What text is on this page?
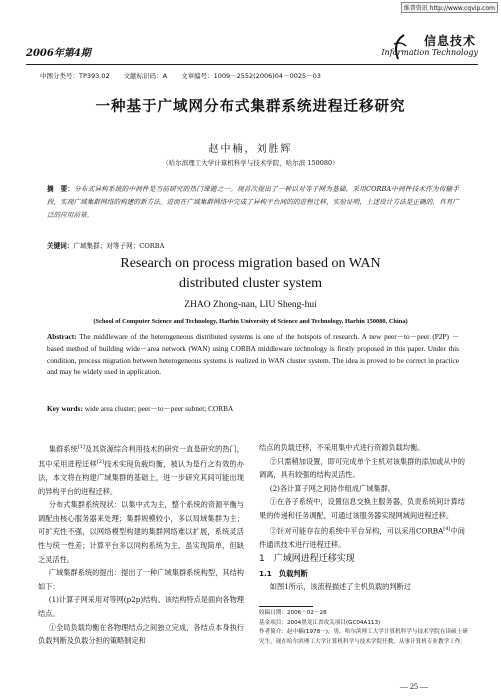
维普资讯 http://www.cqvip.com
2006年第4期
信息技术
Information Technology
中图分类号：TP393.02 文献标识码：A 文章编号：1009－2552(2006)04－0025－03
一种基于广域网分布式集群系统进程迁移研究
赵中楠，刘胜辉
（哈尔滨理工大学计算机科学与技术学院，哈尔滨 150080）
摘　要：分布式异构系统的中间件是当前研究的热门课题之一。现首次提出了一种以对等子网为基础，采用CORBA中间件技术作为传输手段，实现广域集群网络的构建的新方法。进而在广域集群网络中完成了异构平台间的的进程迁移，实验证明，上述设计方法是正确的，具有广泛的应用前景。
关键词：广域集群；对等子网；CORBA
Research on process migration based on WAN
distributed cluster system
ZHAO Zhong-nan, LIU Sheng-hui
(School of Computer Science and Technology, Harbin University of Science and Technology, Harbin 150080, China)
Abstract: The middleware of the heterogeneous distributed systems is one of the hotspots of research. A new peer－to－peer (P2P) － based method of building wide－area network (WAN) using CORBA middleware technology is firstly proposed in this paper. Under this condition, process migration between heterogeneous systems is realized in WAN cluster system. The idea is proved to be correct in practice and may be widely used in application.
Key words: wide area cluster; peer－to－peer subnet; CORBA

集群系统[1]及其资源综合利用技术的研究一直是研究的热门，其中采用进程迁移[2]技术实现负载均衡，被认为是行之有效的办法，本文将在构建广域集群的基础上，进一步研究其间可能出现的异构平台的进程迁移。

分布式集群系统现状：以集中式为主，整个系统的资源平衡与调配由核心服务器来处理；集群规模较小，多以局域集群为主；可扩充性不强，以网络模型构建的集群网络难以扩展，系统灵活性与统一性差；计算平台多以同构系统为主，虽实现简单，但缺乏灵活性。

广域集群系统的提出：提出了一种广域集群系统构型，其结构如下：

(1)计算子网采用对等网(p2p)结构。该结构特点是面向各物理结点。

①全局负载均衡在各物理结点之间独立完成，各结点本身执行负载判断及负载分担的策略制定和

结点的负载迁移，不采用集中式进行资源负载均衡。

②只需稍加设置，即可完成单个主机对该集群的添加或从中的调离，具有较强的结构灵活性。

(2)各计算子网之间协作组成广域集群。

①在各子系统中，设置信息交换主服务器，负责系统间计算结果的传递和任务调配，可通过该服务器实现网域间进程迁移。

②针对可能存在的系统中平台异构，可以采用CORBA[4]中间件通讯技术进行进程迁移。

1　广域网进程迁移实现

1.1　负载判断

如图1所示，该流程描述了主机负载的判断过

收稿日期：2006－02－28
基金项目：2004黑龙江省攻关项目(GC04A113)
作者简介：赵中楠(1978－)，男，哈尔滨理工大学计算机科学与技术学院在读硕士研究生，现在哈尔滨理工大学计算机科学与技术学院任教，从事计算机专业教学工作。
— 25 —
